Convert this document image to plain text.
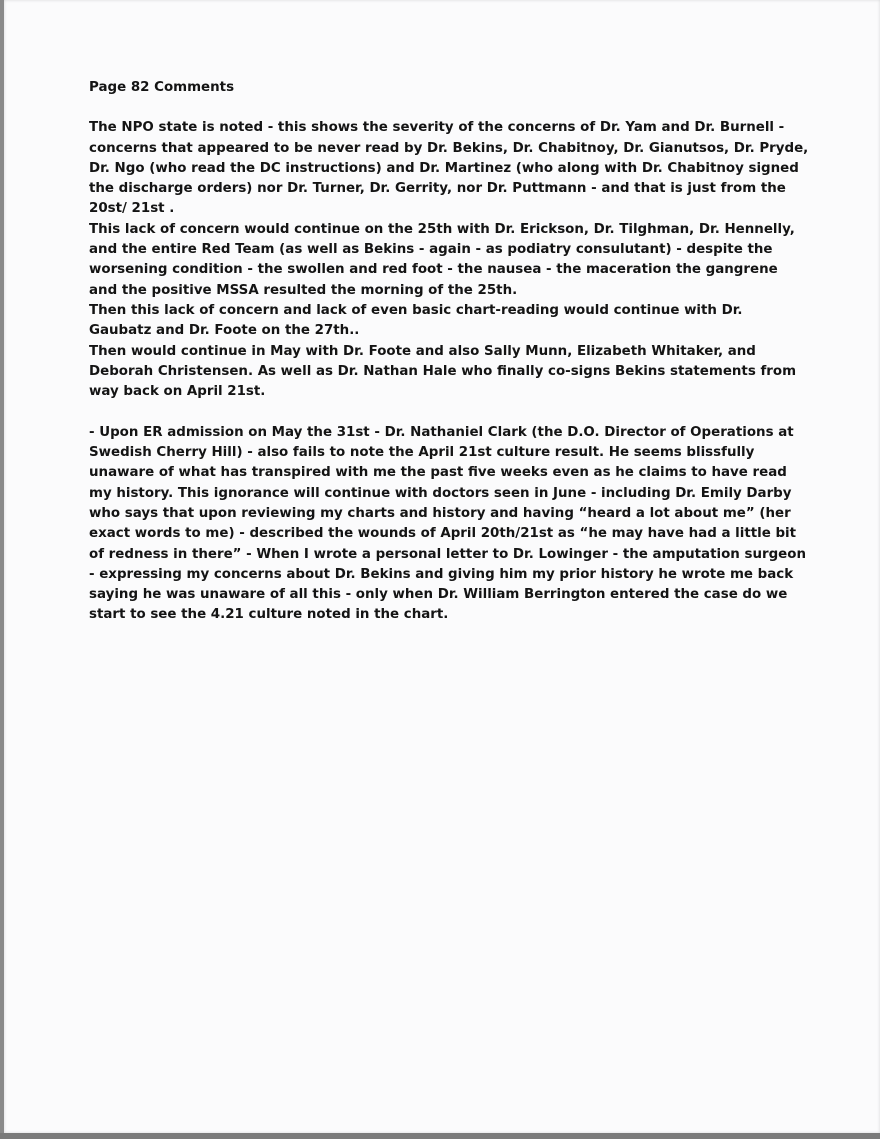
Page 82 Comments

The NPO state is noted - this shows the severity of the concerns of Dr. Yam and Dr. Burnell - concerns that appeared to be never read by Dr. Bekins, Dr. Chabitnoy, Dr. Gianutsos, Dr. Pryde, Dr. Ngo (who read the DC instructions) and Dr. Martinez (who along with Dr. Chabitnoy signed the discharge orders) nor Dr. Turner, Dr. Gerrity, nor Dr. Puttmann - and that is just from the 20st/ 21st .

This lack of concern would continue on the 25th with Dr. Erickson, Dr. Tilghman, Dr. Hennelly, and the entire Red Team (as well as Bekins - again - as podiatry consulutant) - despite the worsening condition - the swollen and red foot - the nausea - the maceration the gangrene and the positive MSSA resulted the morning of the 25th.

Then this lack of concern and lack of even basic chart-reading would continue with Dr. Gaubatz and Dr. Foote on the 27th..

Then would continue in May with Dr. Foote and also Sally Munn, Elizabeth Whitaker, and Deborah Christensen. As well as Dr. Nathan Hale who finally co-signs Bekins statements from way back on April 21st.

- Upon ER admission on May the 31st - Dr. Nathaniel Clark (the D.O. Director of Operations at Swedish Cherry Hill) - also fails to note the April 21st culture result. He seems blissfully unaware of what has transpired with me the past five weeks even as he claims to have read my history. This ignorance will continue with doctors seen in June - including Dr. Emily Darby who says that upon reviewing my charts and history and having “heard a lot about me” (her exact words to me) - described the wounds of April 20th/21st as “he may have had a little bit of redness in there” - When I wrote a personal letter to Dr. Lowinger - the amputation surgeon - expressing my concerns about Dr. Bekins and giving him my prior history he wrote me back saying he was unaware of all this - only when Dr. William Berrington entered the case do we start to see the 4.21 culture noted in the chart.
